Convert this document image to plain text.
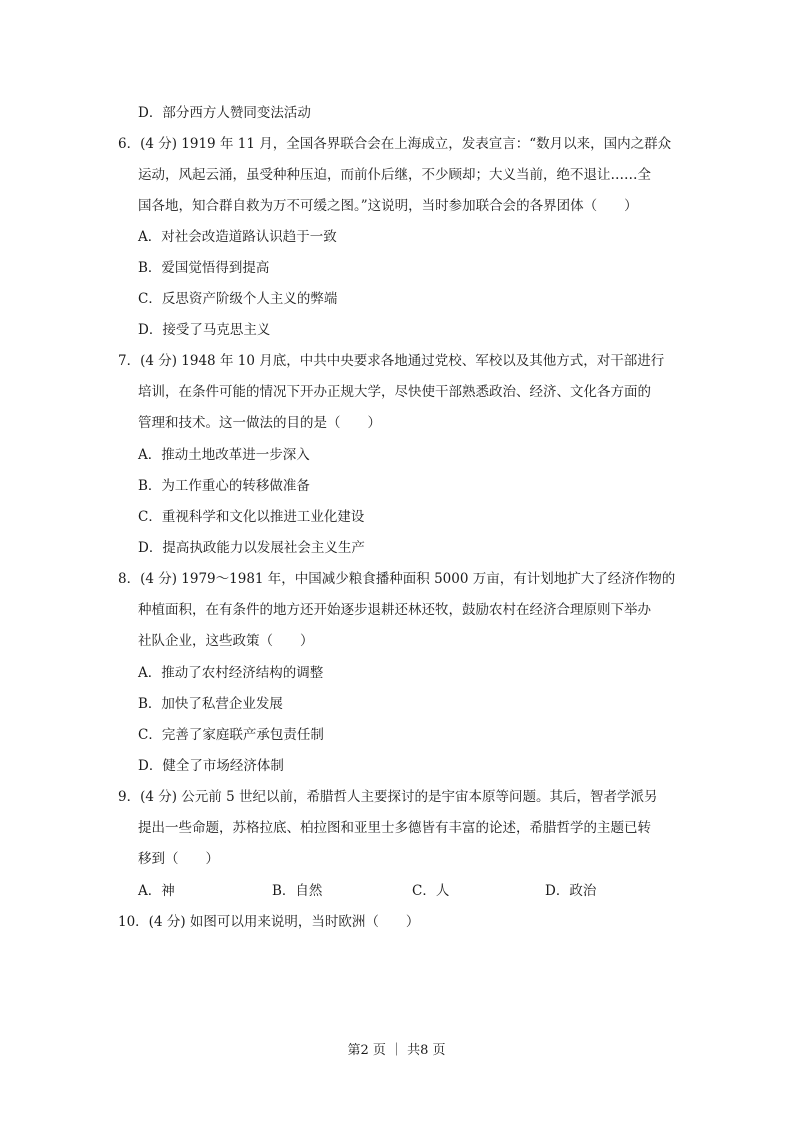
D．部分西方人赞同变法活动
6．(4 分) 1919 年 11 月，全国各界联合会在上海成立，发表宣言：“数月以来，国内之群众
运动，风起云涌，虽受种种压迫，而前仆后继，不少顾却；大义当前，绝不退让……全
国各地，知合群自救为万不可缓之图。”这说明，当时参加联合会的各界团体（　　）
A．对社会改造道路认识趋于一致
B．爱国觉悟得到提高
C．反思资产阶级个人主义的弊端
D．接受了马克思主义
7．(4 分) 1948 年 10 月底，中共中央要求各地通过党校、军校以及其他方式，对干部进行
培训，在条件可能的情况下开办正规大学，尽快使干部熟悉政治、经济、文化各方面的
管理和技术。这一做法的目的是（　　）
A．推动土地改革进一步深入
B．为工作重心的转移做准备
C．重视科学和文化以推进工业化建设
D．提高执政能力以发展社会主义生产
8．(4 分) 1979～1981 年，中国减少粮食播种面积 5000 万亩，有计划地扩大了经济作物的
种植面积，在有条件的地方还开始逐步退耕还林还牧，鼓励农村在经济合理原则下举办
社队企业，这些政策（　　）
A．推动了农村经济结构的调整
B．加快了私营企业发展
C．完善了家庭联产承包责任制
D．健全了市场经济体制
9．(4 分) 公元前 5 世纪以前，希腊哲人主要探讨的是宇宙本原等问题。其后，智者学派另
提出一些命题，苏格拉底、柏拉图和亚里士多德皆有丰富的论述，希腊哲学的主题已转
移到（　　）
A．神	B．自然	C．人	D．政治
10．(4 分) 如图可以用来说明，当时欧洲（　　）
第2 页 ｜ 共8 页
